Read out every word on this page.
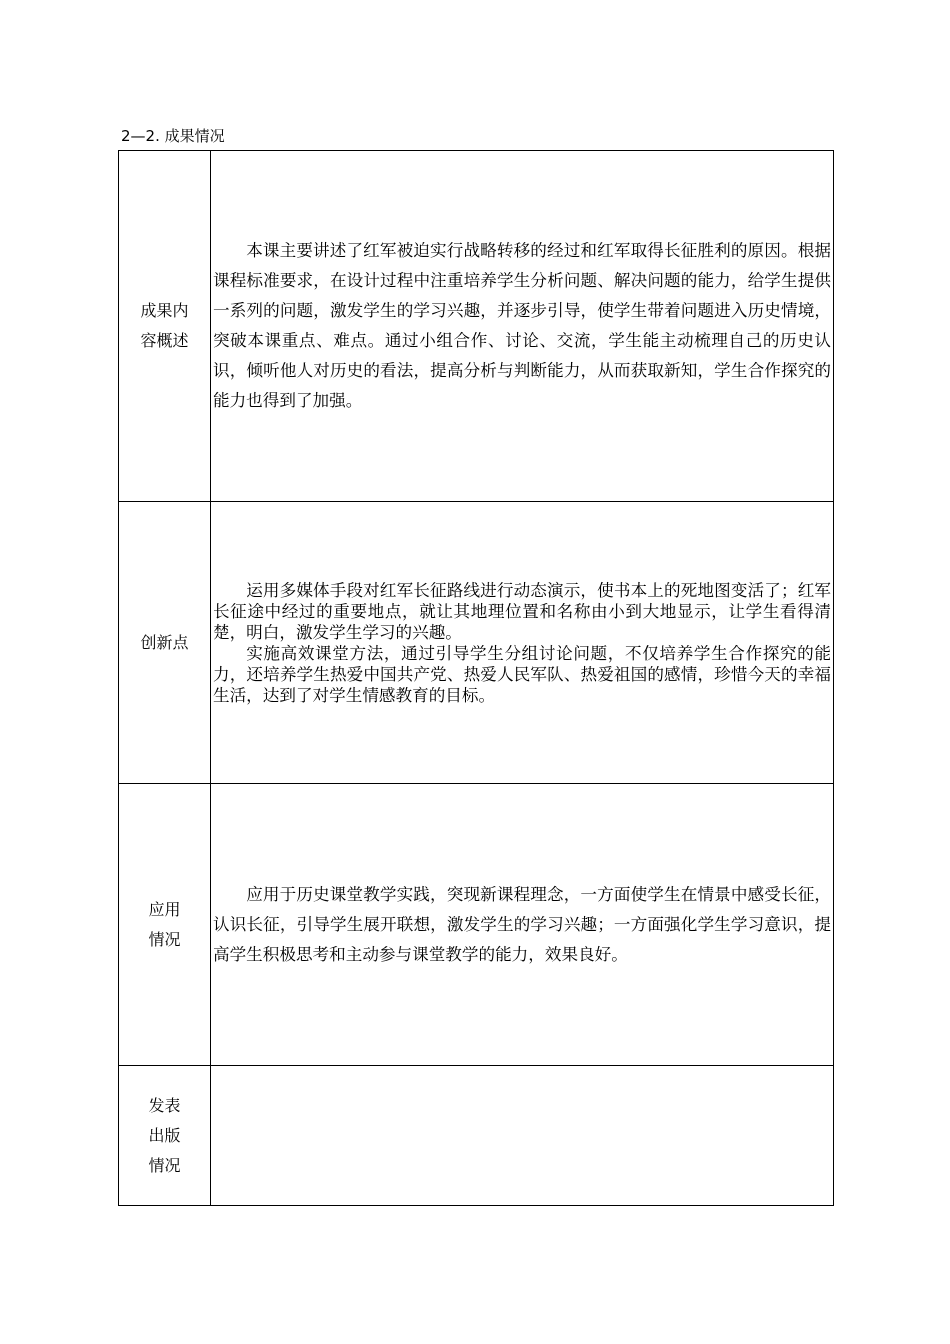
2—2. 成果情况
成果内
容概述	本课主要讲述了红军被迫实行战略转移的经过和红军取得长征胜利的原因。根据课程标准要求，在设计过程中注重培养学生分析问题、解决问题的能力，给学生提供一系列的问题，激发学生的学习兴趣，并逐步引导，使学生带着问题进入历史情境，突破本课重点、难点。通过小组合作、讨论、交流，学生能主动梳理自己的历史认识，倾听他人对历史的看法，提高分析与判断能力，从而获取新知，学生合作探究的能力也得到了加强。

创新点	运用多媒体手段对红军长征路线进行动态演示，使书本上的死地图变活了；红军长征途中经过的重要地点，就让其地理位置和名称由小到大地显示，让学生看得清楚，明白，激发学生学习的兴趣。

实施高效课堂方法，通过引导学生分组讨论问题，不仅培养学生合作探究的能力，还培养学生热爱中国共产党、热爱人民军队、热爱祖国的感情，珍惜今天的幸福生活，达到了对学生情感教育的目标。

应用
情况	应用于历史课堂教学实践，突现新课程理念，一方面使学生在情景中感受长征，认识长征，引导学生展开联想，激发学生的学习兴趣；一方面强化学生学习意识，提高学生积极思考和主动参与课堂教学的能力，效果良好。

发表
出版
情况	
